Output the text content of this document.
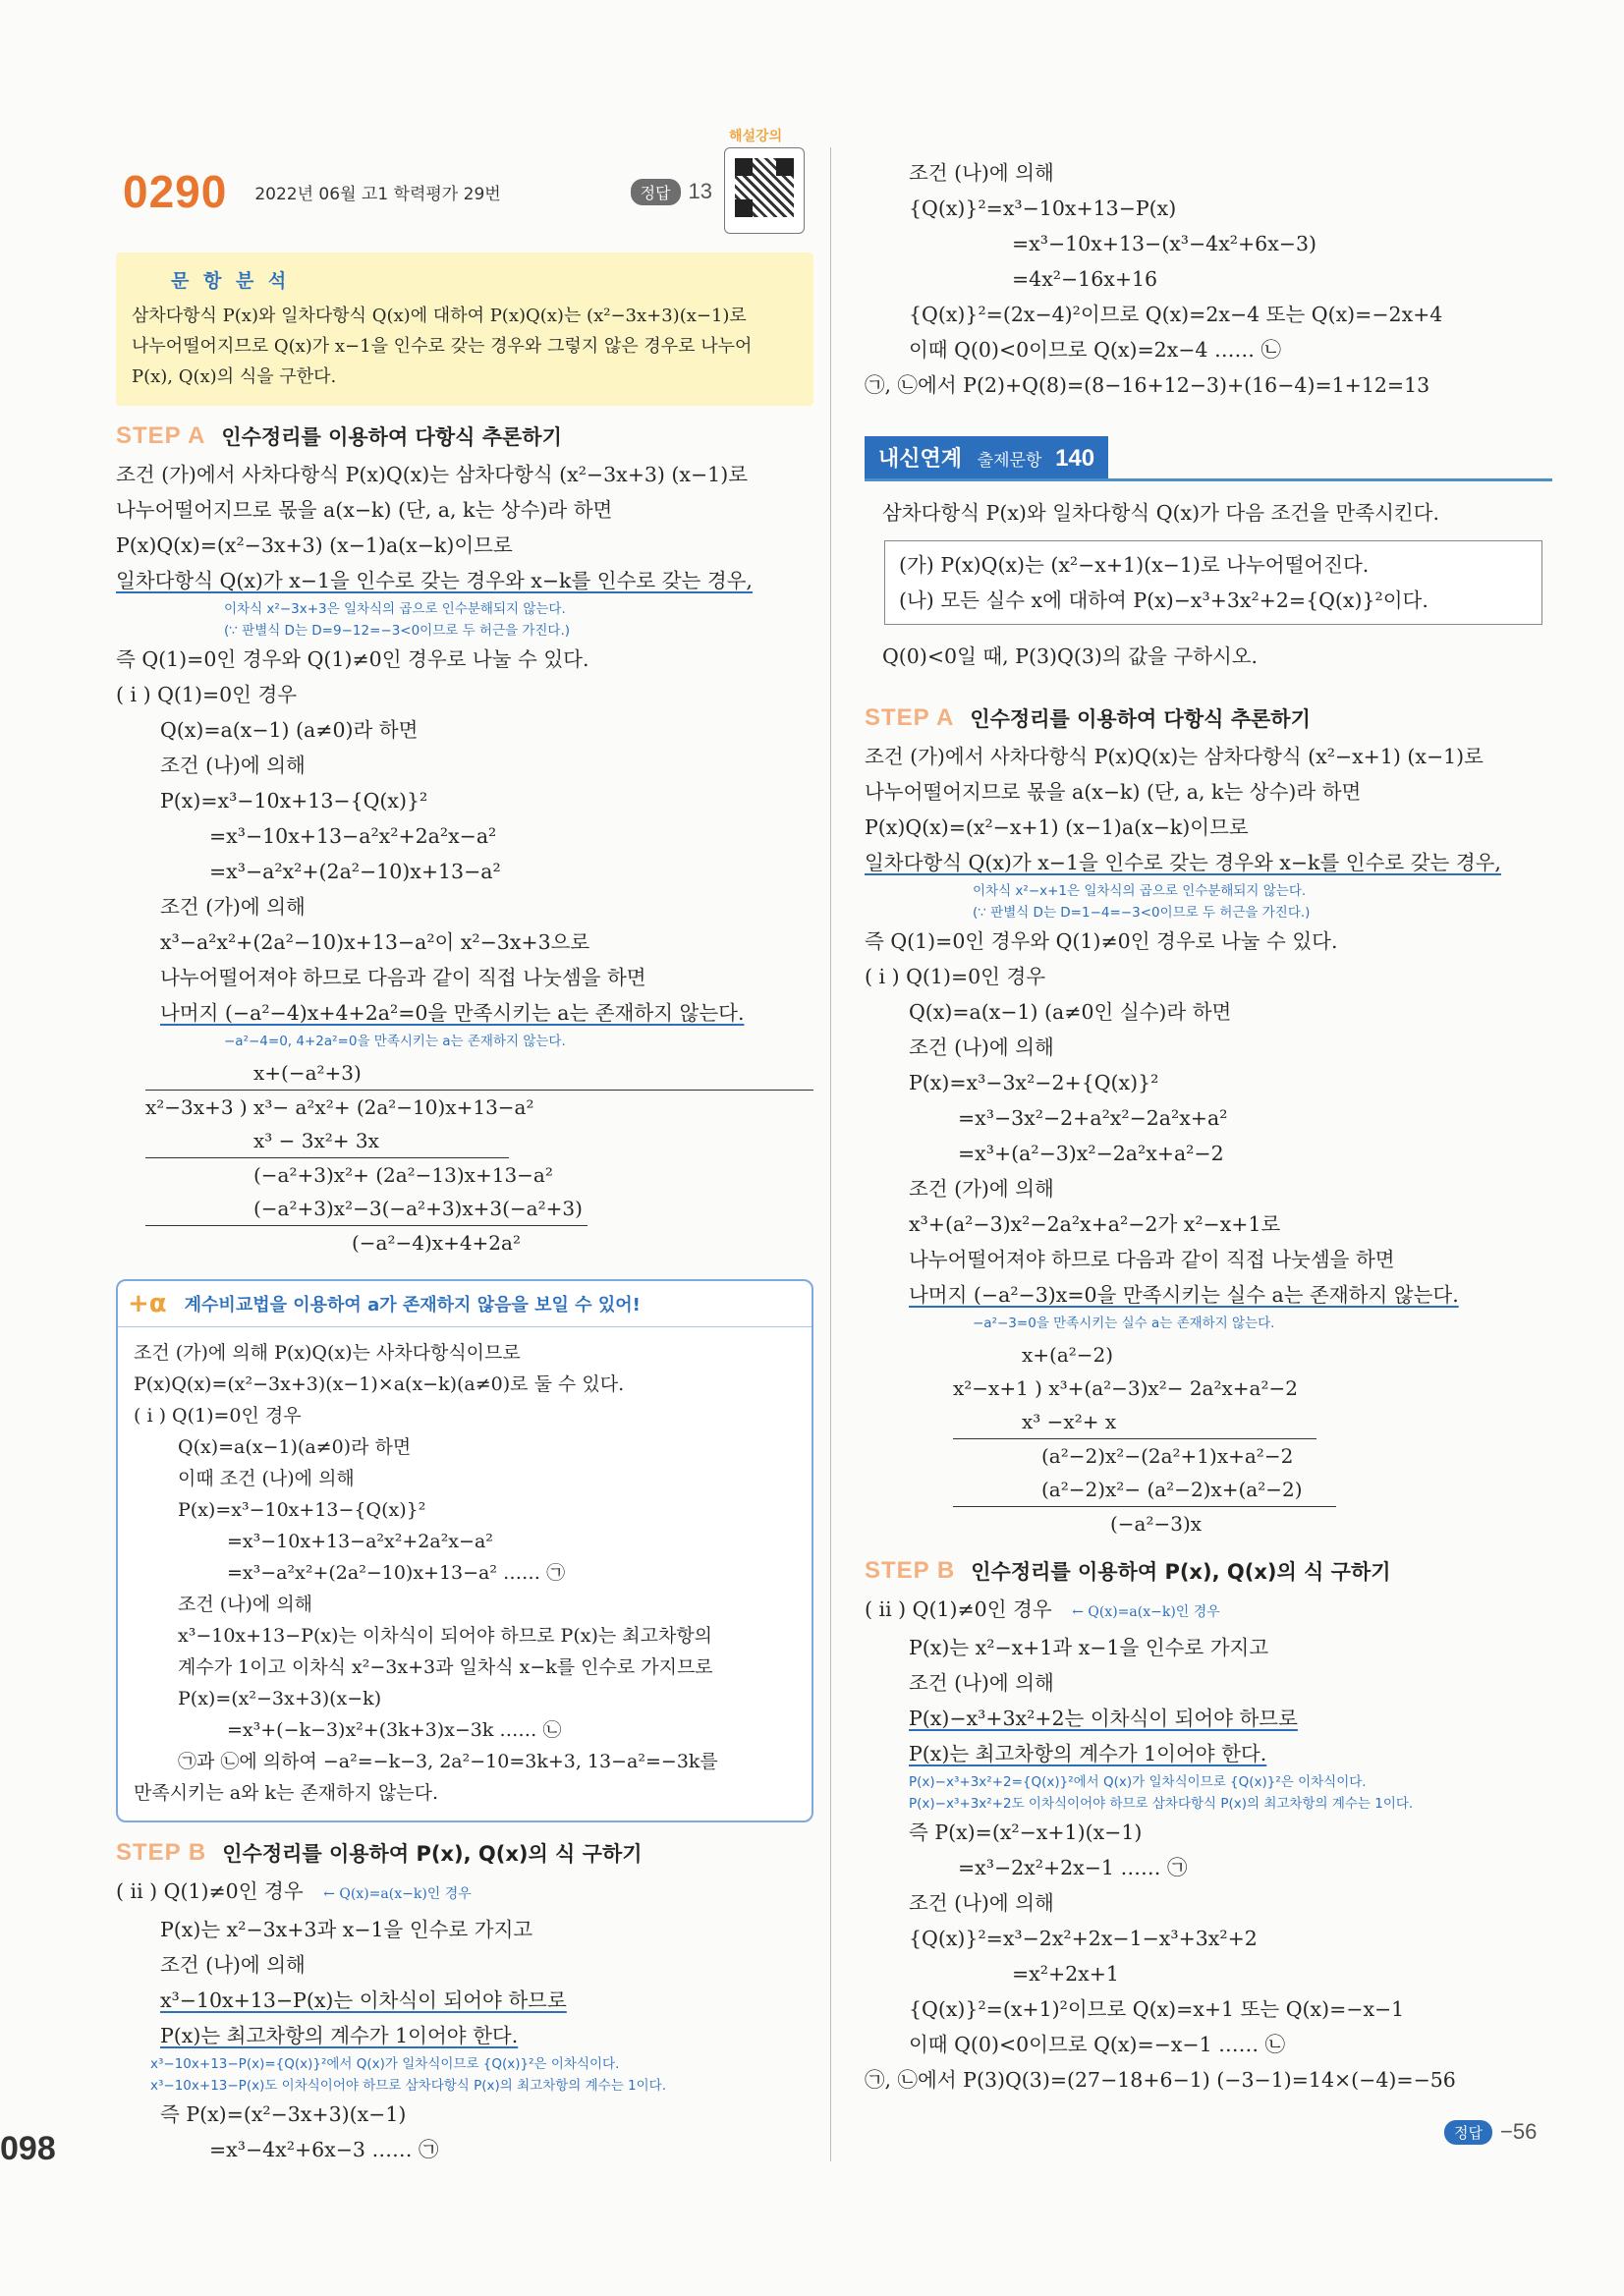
0290 2022년 06월 고1 학력평가 29번	정답 13
해설강의
문 항 분 석

삼차다항식 P(x)와 일차다항식 Q(x)에 대하여 P(x)Q(x)는 (x²−3x+3)(x−1)로

나누어떨어지므로 Q(x)가 x−1을 인수로 갖는 경우와 그렇지 않은 경우로 나누어

P(x), Q(x)의 식을 구한다.

STEP A 인수정리를 이용하여 다항식 추론하기
조건 (가)에서 사차다항식 P(x)Q(x)는 삼차다항식 (x²−3x+3) (x−1)로
나누어떨어지므로 몫을 a(x−k) (단, a, k는 상수)라 하면
P(x)Q(x)=(x²−3x+3) (x−1)a(x−k)이므로
일차다항식 Q(x)가 x−1을 인수로 갖는 경우와 x−k를 인수로 갖는 경우,
이차식 x²−3x+3은 일차식의 곱으로 인수분해되지 않는다.
(∵ 판별식 D는 D=9−12=−3<0이므로 두 허근을 가진다.)
즉 Q(1)=0인 경우와 Q(1)≠0인 경우로 나눌 수 있다.
( i ) Q(1)=0인 경우
Q(x)=a(x−1) (a≠0)라 하면
조건 (나)에 의해
P(x)=x³−10x+13−{Q(x)}²
=x³−10x+13−a²x²+2a²x−a²
=x³−a²x²+(2a²−10)x+13−a²
조건 (가)에 의해
x³−a²x²+(2a²−10)x+13−a²이 x²−3x+3으로
나누어떨어져야 하므로 다음과 같이 직접 나눗셈을 하면
나머지 (−a²−4)x+4+2a²=0을 만족시키는 a는 존재하지 않는다.
−a²−4=0, 4+2a²=0을 만족시키는 a는 존재하지 않는다.
x+(−a²+3)
x²−3x+3 ) x³− a²x²+ (2a²−10)x+13−a²
x³ − 3x²+ 3x
(−a²+3)x²+ (2a²−13)x+13−a²
(−a²+3)x²−3(−a²+3)x+3(−a²+3)
(−a²−4)x+4+2a²
+α 계수비교법을 이용하여 a가 존재하지 않음을 보일 수 있어!
조건 (가)에 의해 P(x)Q(x)는 사차다항식이므로
P(x)Q(x)=(x²−3x+3)(x−1)×a(x−k)(a≠0)로 둘 수 있다.
( i ) Q(1)=0인 경우
Q(x)=a(x−1)(a≠0)라 하면
이때 조건 (나)에 의해
P(x)=x³−10x+13−{Q(x)}²
=x³−10x+13−a²x²+2a²x−a²
=x³−a²x²+(2a²−10)x+13−a² …… ㉠
조건 (나)에 의해
x³−10x+13−P(x)는 이차식이 되어야 하므로 P(x)는 최고차항의
계수가 1이고 이차식 x²−3x+3과 일차식 x−k를 인수로 가지므로
P(x)=(x²−3x+3)(x−k)
=x³+(−k−3)x²+(3k+3)x−3k …… ㉡
㉠과 ㉡에 의하여 −a²=−k−3, 2a²−10=3k+3, 13−a²=−3k를
만족시키는 a와 k는 존재하지 않는다.
STEP B 인수정리를 이용하여 P(x), Q(x)의 식 구하기
( ii ) Q(1)≠0인 경우 ← Q(x)=a(x−k)인 경우
P(x)는 x²−3x+3과 x−1을 인수로 가지고
조건 (나)에 의해
x³−10x+13−P(x)는 이차식이 되어야 하므로
P(x)는 최고차항의 계수가 1이어야 한다.
x³−10x+13−P(x)={Q(x)}²에서 Q(x)가 일차식이므로 {Q(x)}²은 이차식이다.
x³−10x+13−P(x)도 이차식이어야 하므로 삼차다항식 P(x)의 최고차항의 계수는 1이다.
즉 P(x)=(x²−3x+3)(x−1)
=x³−4x²+6x−3 …… ㉠
조건 (나)에 의해
{Q(x)}²=x³−10x+13−P(x)
=x³−10x+13−(x³−4x²+6x−3)
=4x²−16x+16
{Q(x)}²=(2x−4)²이므로 Q(x)=2x−4 또는 Q(x)=−2x+4
이때 Q(0)<0이므로 Q(x)=2x−4 …… ㉡
㉠, ㉡에서 P(2)+Q(8)=(8−16+12−3)+(16−4)=1+12=13
내신연계 출제문항 140
삼차다항식 P(x)와 일차다항식 Q(x)가 다음 조건을 만족시킨다.
(가) P(x)Q(x)는 (x²−x+1)(x−1)로 나누어떨어진다.
(나) 모든 실수 x에 대하여 P(x)−x³+3x²+2={Q(x)}²이다.
Q(0)<0일 때, P(3)Q(3)의 값을 구하시오.
STEP A 인수정리를 이용하여 다항식 추론하기
조건 (가)에서 사차다항식 P(x)Q(x)는 삼차다항식 (x²−x+1) (x−1)로
나누어떨어지므로 몫을 a(x−k) (단, a, k는 상수)라 하면
P(x)Q(x)=(x²−x+1) (x−1)a(x−k)이므로
일차다항식 Q(x)가 x−1을 인수로 갖는 경우와 x−k를 인수로 갖는 경우,
이차식 x²−x+1은 일차식의 곱으로 인수분해되지 않는다.
(∵ 판별식 D는 D=1−4=−3<0이므로 두 허근을 가진다.)
즉 Q(1)=0인 경우와 Q(1)≠0인 경우로 나눌 수 있다.
( i ) Q(1)=0인 경우
Q(x)=a(x−1) (a≠0인 실수)라 하면
조건 (나)에 의해
P(x)=x³−3x²−2+{Q(x)}²
=x³−3x²−2+a²x²−2a²x+a²
=x³+(a²−3)x²−2a²x+a²−2
조건 (가)에 의해
x³+(a²−3)x²−2a²x+a²−2가 x²−x+1로
나누어떨어져야 하므로 다음과 같이 직접 나눗셈을 하면
나머지 (−a²−3)x=0을 만족시키는 실수 a는 존재하지 않는다.
−a²−3=0을 만족시키는 실수 a는 존재하지 않는다.
x+(a²−2)
x²−x+1 ) x³+(a²−3)x²− 2a²x+a²−2
x³ −x²+ x
(a²−2)x²−(2a²+1)x+a²−2
(a²−2)x²− (a²−2)x+(a²−2)
(−a²−3)x
STEP B 인수정리를 이용하여 P(x), Q(x)의 식 구하기
( ii ) Q(1)≠0인 경우 ← Q(x)=a(x−k)인 경우
P(x)는 x²−x+1과 x−1을 인수로 가지고
조건 (나)에 의해
P(x)−x³+3x²+2는 이차식이 되어야 하므로
P(x)는 최고차항의 계수가 1이어야 한다.
P(x)−x³+3x²+2={Q(x)}²에서 Q(x)가 일차식이므로 {Q(x)}²은 이차식이다.
P(x)−x³+3x²+2도 이차식이어야 하므로 삼차다항식 P(x)의 최고차항의 계수는 1이다.
즉 P(x)=(x²−x+1)(x−1)
=x³−2x²+2x−1 …… ㉠
조건 (나)에 의해
{Q(x)}²=x³−2x²+2x−1−x³+3x²+2
=x²+2x+1
{Q(x)}²=(x+1)²이므로 Q(x)=x+1 또는 Q(x)=−x−1
이때 Q(0)<0이므로 Q(x)=−x−1 …… ㉡
㉠, ㉡에서 P(3)Q(3)=(27−18+6−1) (−3−1)=14×(−4)=−56
정답 −56
098
